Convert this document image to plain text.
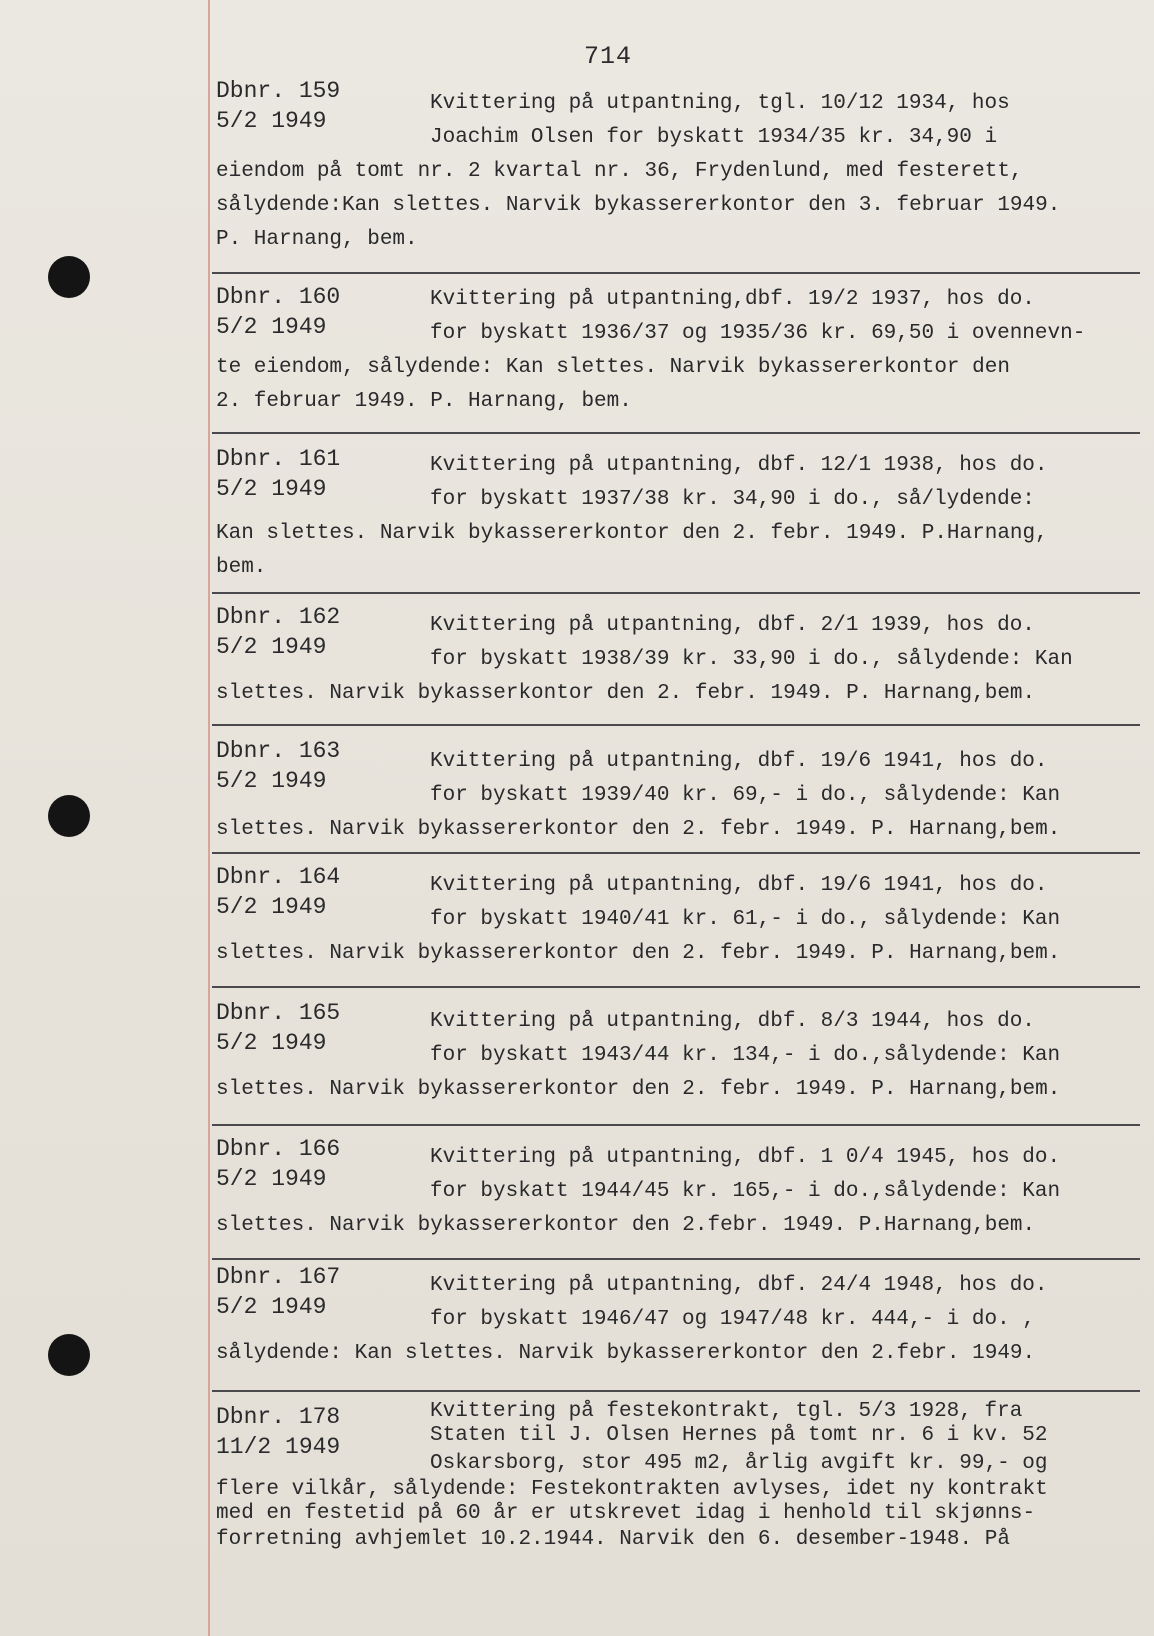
714
Dbnr. 159
5/2 1949
Kvittering på utpantning, tgl. 10/12 1934, hos
Joachim Olsen for byskatt 1934/35 kr. 34,90 i
eiendom på tomt nr. 2 kvartal nr. 36, Frydenlund, med festerett,
sålydende:Kan slettes. Narvik bykassererkontor den 3. februar 1949.
P. Harnang, bem.
Dbnr. 160
5/2 1949
Kvittering på utpantning,dbf. 19/2 1937, hos do.
for byskatt 1936/37 og 1935/36 kr. 69,50 i ovennevn-
te eiendom, sålydende: Kan slettes. Narvik bykassererkontor den
2. februar 1949. P. Harnang, bem.
Dbnr. 161
5/2 1949
Kvittering på utpantning, dbf. 12/1 1938, hos do.
for byskatt 1937/38 kr. 34,90 i do., så/lydende:
Kan slettes. Narvik bykassererkontor den 2. febr. 1949. P.Harnang,
bem.
Dbnr. 162
5/2 1949
Kvittering på utpantning, dbf. 2/1 1939, hos do.
for byskatt 1938/39 kr. 33,90 i do., sålydende: Kan
slettes. Narvik bykasserkontor den 2. febr. 1949. P. Harnang,bem.
Dbnr. 163
5/2 1949
Kvittering på utpantning, dbf. 19/6 1941, hos do.
for byskatt 1939/40 kr. 69,- i do., sålydende: Kan
slettes. Narvik bykassererkontor den 2. febr. 1949. P. Harnang,bem.
Dbnr. 164
5/2 1949
Kvittering på utpantning, dbf. 19/6 1941, hos do.
for byskatt 1940/41 kr. 61,- i do., sålydende: Kan
slettes. Narvik bykassererkontor den 2. febr. 1949. P. Harnang,bem.
Dbnr. 165
5/2 1949
Kvittering på utpantning, dbf. 8/3 1944, hos do.
for byskatt 1943/44 kr. 134,- i do.,sålydende: Kan
slettes. Narvik bykassererkontor den 2. febr. 1949. P. Harnang,bem.
Dbnr. 166
5/2 1949
Kvittering på utpantning, dbf. 1 0/4 1945, hos do.
for byskatt 1944/45 kr. 165,- i do.,sålydende: Kan
slettes. Narvik bykassererkontor den 2.febr. 1949. P.Harnang,bem.
Dbnr. 167
5/2 1949
Kvittering på utpantning, dbf. 24/4 1948, hos do.
for byskatt 1946/47 og 1947/48 kr. 444,- i do. ,
sålydende: Kan slettes. Narvik bykassererkontor den 2.febr. 1949.
Dbnr. 178
11/2 1949
Kvittering på festekontrakt, tgl. 5/3 1928, fra
Staten til J. Olsen Hernes på tomt nr. 6 i kv. 52
Oskarsborg, stor 495 m2, årlig avgift kr. 99,- og
flere vilkår, sålydende: Festekontrakten avlyses, idet ny kontrakt
med en festetid på 60 år er utskrevet idag i henhold til skjønns-
forretning avhjemlet 10.2.1944. Narvik den 6. desember-1948. På
